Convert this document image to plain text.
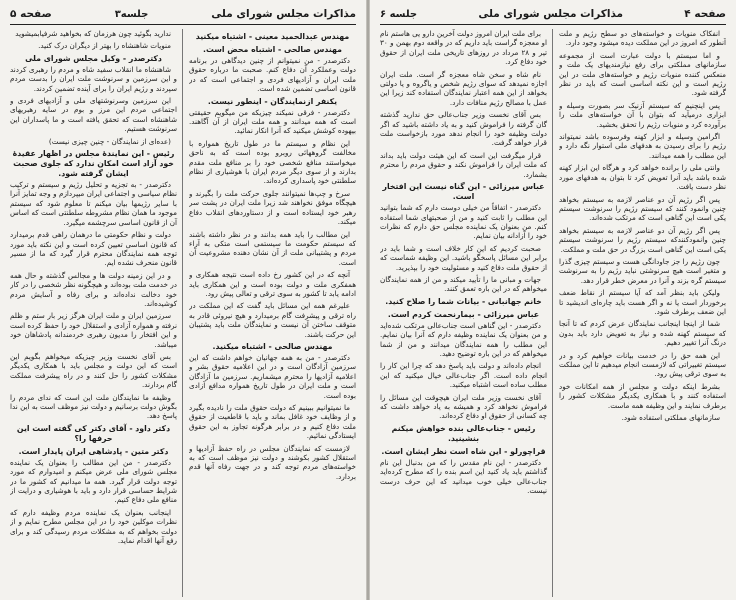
مذاکرات مجلس شورای ملی
جلسه۳
صفحه ۵
مهندس عبدالحمید معینی - اشتباه میکنید
مهندس صالحی - اشتباه محض است.
دکترصدر - من نمیتوانم از چنین دیدگاهی در برنامه دولت وعملکرد آن دفاع کنم. صحبت ما درباره حقوق ملت ایران و آزادیهای فردی و اجتماعی است که در قانون اساسی تضمین شده است.
یکنفر ازنمایندگان - اینطور نیست.
دکترصدر - فرقی نمیکند چیزیکه من میگویم حقیقتی است که همه میدانند و همه ملت ایران از آن آگاهند. بیهوده کوشش میکنید که آنرا انکار نمائید.
این نظام و سیستم ما در طول تاریخ همواره با مخالفت گروههائی روبرو بوده است که به ناحق میخواستند منافع شخصی خود را بر منافع ملت مقدم بدارند و از سوی دیگر مردم ایران با هوشیاری از نظام سلطنتی خود پاسداری کرده‌اند.
سرخ و چپ‌ها نمیتوانند جلوی حرکت ملت را بگیرند و هیچگاه موفق نخواهند شد زیرا ملت ایران در پشت سر رهبر خود ایستاده است و از دستاوردهای انقلاب دفاع میکند.
این مطالب را باید همه بدانند و در نظر داشته باشند که سیستم حکومت ما سیستمی است متکی به آراء مردم و پشتیبانی ملت از آن نشان دهنده مشروعیت آن است.
آنچه که در این کشور رخ داده است نتیجه همکاری و همفکری ملت و دولت بوده است و این همکاری باید ادامه یابد تا کشور به سوی ترقی و تعالی پیش رود.
علیرغم همه این مسائل باید گفت که این مملکت در راه ترقی و پیشرفت گام برمیدارد و هیچ نیروئی قادر به متوقف ساختن آن نیست و نمایندگان ملت باید پشتیبان این حرکت باشند.
مهندس صالحی - اشتباه میکنید.
دکترصدر - من به همه جهانیان خواهم داشت که این سرزمین آزادگان است و در این اعلامیه حقوق بشر و اعلامیه آزادیها را محترم میشماریم. سرزمین ما آزادگان است و ملت ایران در طول تاریخ همواره مدافع آزادی بوده است.
ما نمیتوانیم ببینیم که دولت حقوق ملت را نادیده بگیرد و از وظایف خود غافل بماند و باید با قاطعیت از حقوق ملت دفاع کنیم و در برابر هرگونه تجاوز به این حقوق ایستادگی نمائیم.
لازمست که نمایندگان مجلس در راه حفظ آزادیها و استقلال کشور بکوشند و دولت نیز موظف است که به خواسته‌های مردم توجه کند و در جهت رفاه آنها قدم بردارد.
ندارید بگوئید چون هرزمان که بخواهید شرفیابمیشوید
منویات شاهنشاه را بهتر از دیگران درک کنید.
دکترصدر - وکیل مجلس شورای ملی
شاهنشاه ما انقلاب سفید شاه و مردم را رهبری کردند و این سرزمین و سرنوشت ملت ایران را بدست مردم سپردند و رژیم ایران را برای آینده تضمین کردند.
این سرزمین وسرنوشتهای ملی و آزادیهای فردی و اجتماعی مردم این مرز و بوم در سایه رهبریهای شاهنشاه است که تحقق یافته است و ما پاسداران این سرنوشت هستیم.
(عده‌ای از نمایندگان - چنین چیزی نیست)
رئیس - این نمایندهٔ مجلس در اظهار عقیدهٔ خود آزاد است امکان ندارد که جلوی صحبت ایشان گرفته شود.
دکترصدر - به تجزیه و تحلیل رژیم و سیستم و ترکیب نظام سیاسی و اجتماعی ایران میپردازم و وجه تمایز آنرا با سایر رژیمها بیان میکنم تا معلوم شود که سیستم موجود ما همان نظام مشروطه سلطنتی است که اساس آن از قانون اساسی سرچشمه میگیرد.
دولت و نظام حکومتی ما درهمان راهی قدم برمیدارد که قانون اساسی تعیین کرده است و این نکته باید مورد توجه همه نمایندگان محترم قرار گیرد که ما از مسیر قانون منحرف نشده ایم.
و در این زمینه دولت ها و مجالس گذشته و حال همه در خدمت ملت بوده‌اند و هیچگونه نظر شخصی را در کار خود دخالت نداده‌اند و برای رفاه و آسایش مردم کوشیده‌اند.
سرزمین ایران و ملت ایران هرگز زیر بار ستم و ظلم نرفته و همواره آزادی و استقلال خود را حفظ کرده است و این افتخار را مدیون رهبری خردمندانه پادشاهان خود میباشد.
بس آقای نخست وزیر چیزیکه میخواهم بگویم این است که این دولت و مجلس باید با همکاری یکدیگر مشکلات کشور را حل کنند و در راه پیشرفت مملکت گام بردارند.
وظیفه ما نمایندگان ملت این است که ندای مردم را بگوش دولت برسانیم و دولت نیز موظف است به این ندا پاسخ دهد.
دکتر داود - آقای دکتر کی گفته است این حرفها را؟
دکتر متین - پادشاهی ایران پایدار است.
دکترصدر - من این مطالب را بعنوان یک نماینده مجلس شورای ملی عرض میکنم و امیدوارم که مورد توجه دولت قرار گیرد. همه ما میدانیم که کشور ما در شرایط حساسی قرار دارد و باید با هوشیاری و درایت از منافع ملی دفاع کنیم.
اینجانب بعنوان یک نماینده مردم وظیفه دارم که نظرات موکلین خود را در این مجلس مطرح نمایم و از دولت بخواهم که به مشکلات مردم رسیدگی کند و برای رفع آنها اقدام نماید.
صفحه ۴
مذاکرات مجلس شورای ملی
جلسه ۶
انفکاک منویات و خواسته‌های دو سطح رژیم و ملت آنطور که امروز در این مملکت دیده میشود وجود دارد.
و اما سیستم با دولت عبارت است از مجموعه سازمانهای مملکتی برای رفع نیازمندیهای یک ملت و منعکس کننده منویات رژیم و خواسته‌های ملت در این رژیم است و این نکته اساسی است که باید در نظر گرفته شود.
پس اینچنیم که سیستم آزنیک سر بصورت وسیله و ابزاری درمیآید که بتوان با آن خواسته‌های ملت را برآورده کرد و منویات رژیم را تحقق بخشید.
اگرامین وسیله و ابزار کهنه وفرسوده باشد نمیتواند رژیم را برای رسیدن به هدفهای ملی استوار نگه دارد و این مطلب را همه میدانند.
وانتی ملی را برانده خواهد کرد و هرگاه این ابزار کهنه شده باشد باید آنرا تعویض کرد تا بتوان به هدفهای مورد نظر دست یافت.
پس اگر رژیم آن دو عناصر لازمه به سیستم بخواهد چنین وانمود کنند که سیستم رژیم را سرنوشت سیستم یکی است این گناهی است که مرتکب شده‌اند.
پس اگر رژیم آن دو عناصر لازمه به سیستم بخواهد چنین وانمودکنندکه سیستم رژیم را سرنوشت سیستم یکی است این گناهی است بزرگ در حق ملت و مملکت.
چون رژیم را جز جاودانگی هست و سیستم چیزی گذرا و متغیر است هیچ سرنوشتی نباید رژیم را به سرنوشت سیستم گره بزند و آنرا در معرض خطر قرار دهد.
ولیکن باید بنظر آمد که آیا سیستم از نقاط ضعف برخوردار است یا نه و اگر هست باید چاره‌ای اندیشید تا این ضعف برطرف شود.
شما از اینجا اینجانب نمایندگان عرض کردم که تا آنجا که سیستم کهنه شده و نیاز به تعویض دارد باید بدون درنگ آنرا تغییر دهیم.
این همه حق را در خدمت بیانات خواهیم کرد و در سیستم تغییراتی که لازمست انجام میدهیم تا این مملکت به سوی ترقی پیش رود.
بشرط اینکه دولت و مجلس از همه امکانات خود استفاده کنند و با همکاری یکدیگر مشکلات کشور را برطرف نمایند و این وظیفه همه ماست.
سازمانهای مملکتی استفاده شود.
برای ملت ایران امروز دولت آخرین دارو یی هاستم نام او معجزه گراست باید داریم که در واقعه دوم بهمن و ۳۰ تیر و ۲۸ مرداد در روزهای تاریخی ملت ایران از حقوق خود دفاع کرد.
نام شاه و سخن شاه معجزه گر است. ملت ایران اجازه نمیدهد که سوای رژیم شخص و یاگروه و یا دولتی بخواهد از این همه اعتبار نمایندگان استفاده کند زیرا این عمل با مصالح رژیم منافات دارد.
بس آقای نخست وزیر جناب‌عالی حق ندارید گذشته گان گرفته را فراموش کنید و به یاد داشته باشید که اگر دولت وظیفه خود را انجام ندهد مورد بازخواست ملت قرار خواهد گرفت.
قرار میگرفت این است که این هیئت دولت باید بداند که ملت ایران را فراموش نکند و حقوق مردم را محترم بشمارد.
عباس میرزائی - این گناه نیست این افتخار است.
دکترصدر - اتفاقاً من خیلی دوست دارم که شما بتوانید این مطلب را ثابت کنید و من از صحبتهای شما استفاده کنم. من بعنوان یک نماینده مجلس حق دارم که نظرات خود را آزادانه بیان نمایم.
صحبت کردیم که این کار خلاف است و شما باید در برابر این مسائل پاسخگو باشید. این وظیفه شماست که از حقوق ملت دفاع کنید و مسئولیت خود را بپذیرید.
جهات و مبانی ما را تأیید میکند و من از همه نمایندگان میخواهم که در این باره تعمق کنند.
خانم جهانبانی - بیانات شما را صلاح کنید.
عباس میرزائی - بیمارنحمت کردم است.
دکترصدر - این گناهی است جناب‌عالی مرتکب شده‌اید و من بعنوان یک نماینده وظیفه دارم که آنرا بیان نمایم. این مطلب را همه نمایندگان میدانند و من از شما میخواهم که در این باره توضیح دهید.
انجام داده‌اند و دولت باید پاسخ دهد که چرا این کار را انجام داده است. اگر جناب‌عالی خیال میکنید که این مطلب ساده است اشتباه میکنید.
آقای نخست وزیر ملت ایران هیچوقت این مسائل را فراموش نخواهد کرد و همیشه به یاد خواهد داشت که چه کسانی از حقوق او دفاع کرده‌اند.
رئیس - جناب‌عالی بنده خواهش میکنم بنشینید.
قراچورلو - این شاه است نظر ایشان است.
دکترصدر - این نام مقدس را که من بدنبال این نام گذاشتم باید یاد کنید این اسم بنده را که مطرح کرده‌اید جناب‌عالی خیلی خوب میدانید که این حرف درست نیست.
